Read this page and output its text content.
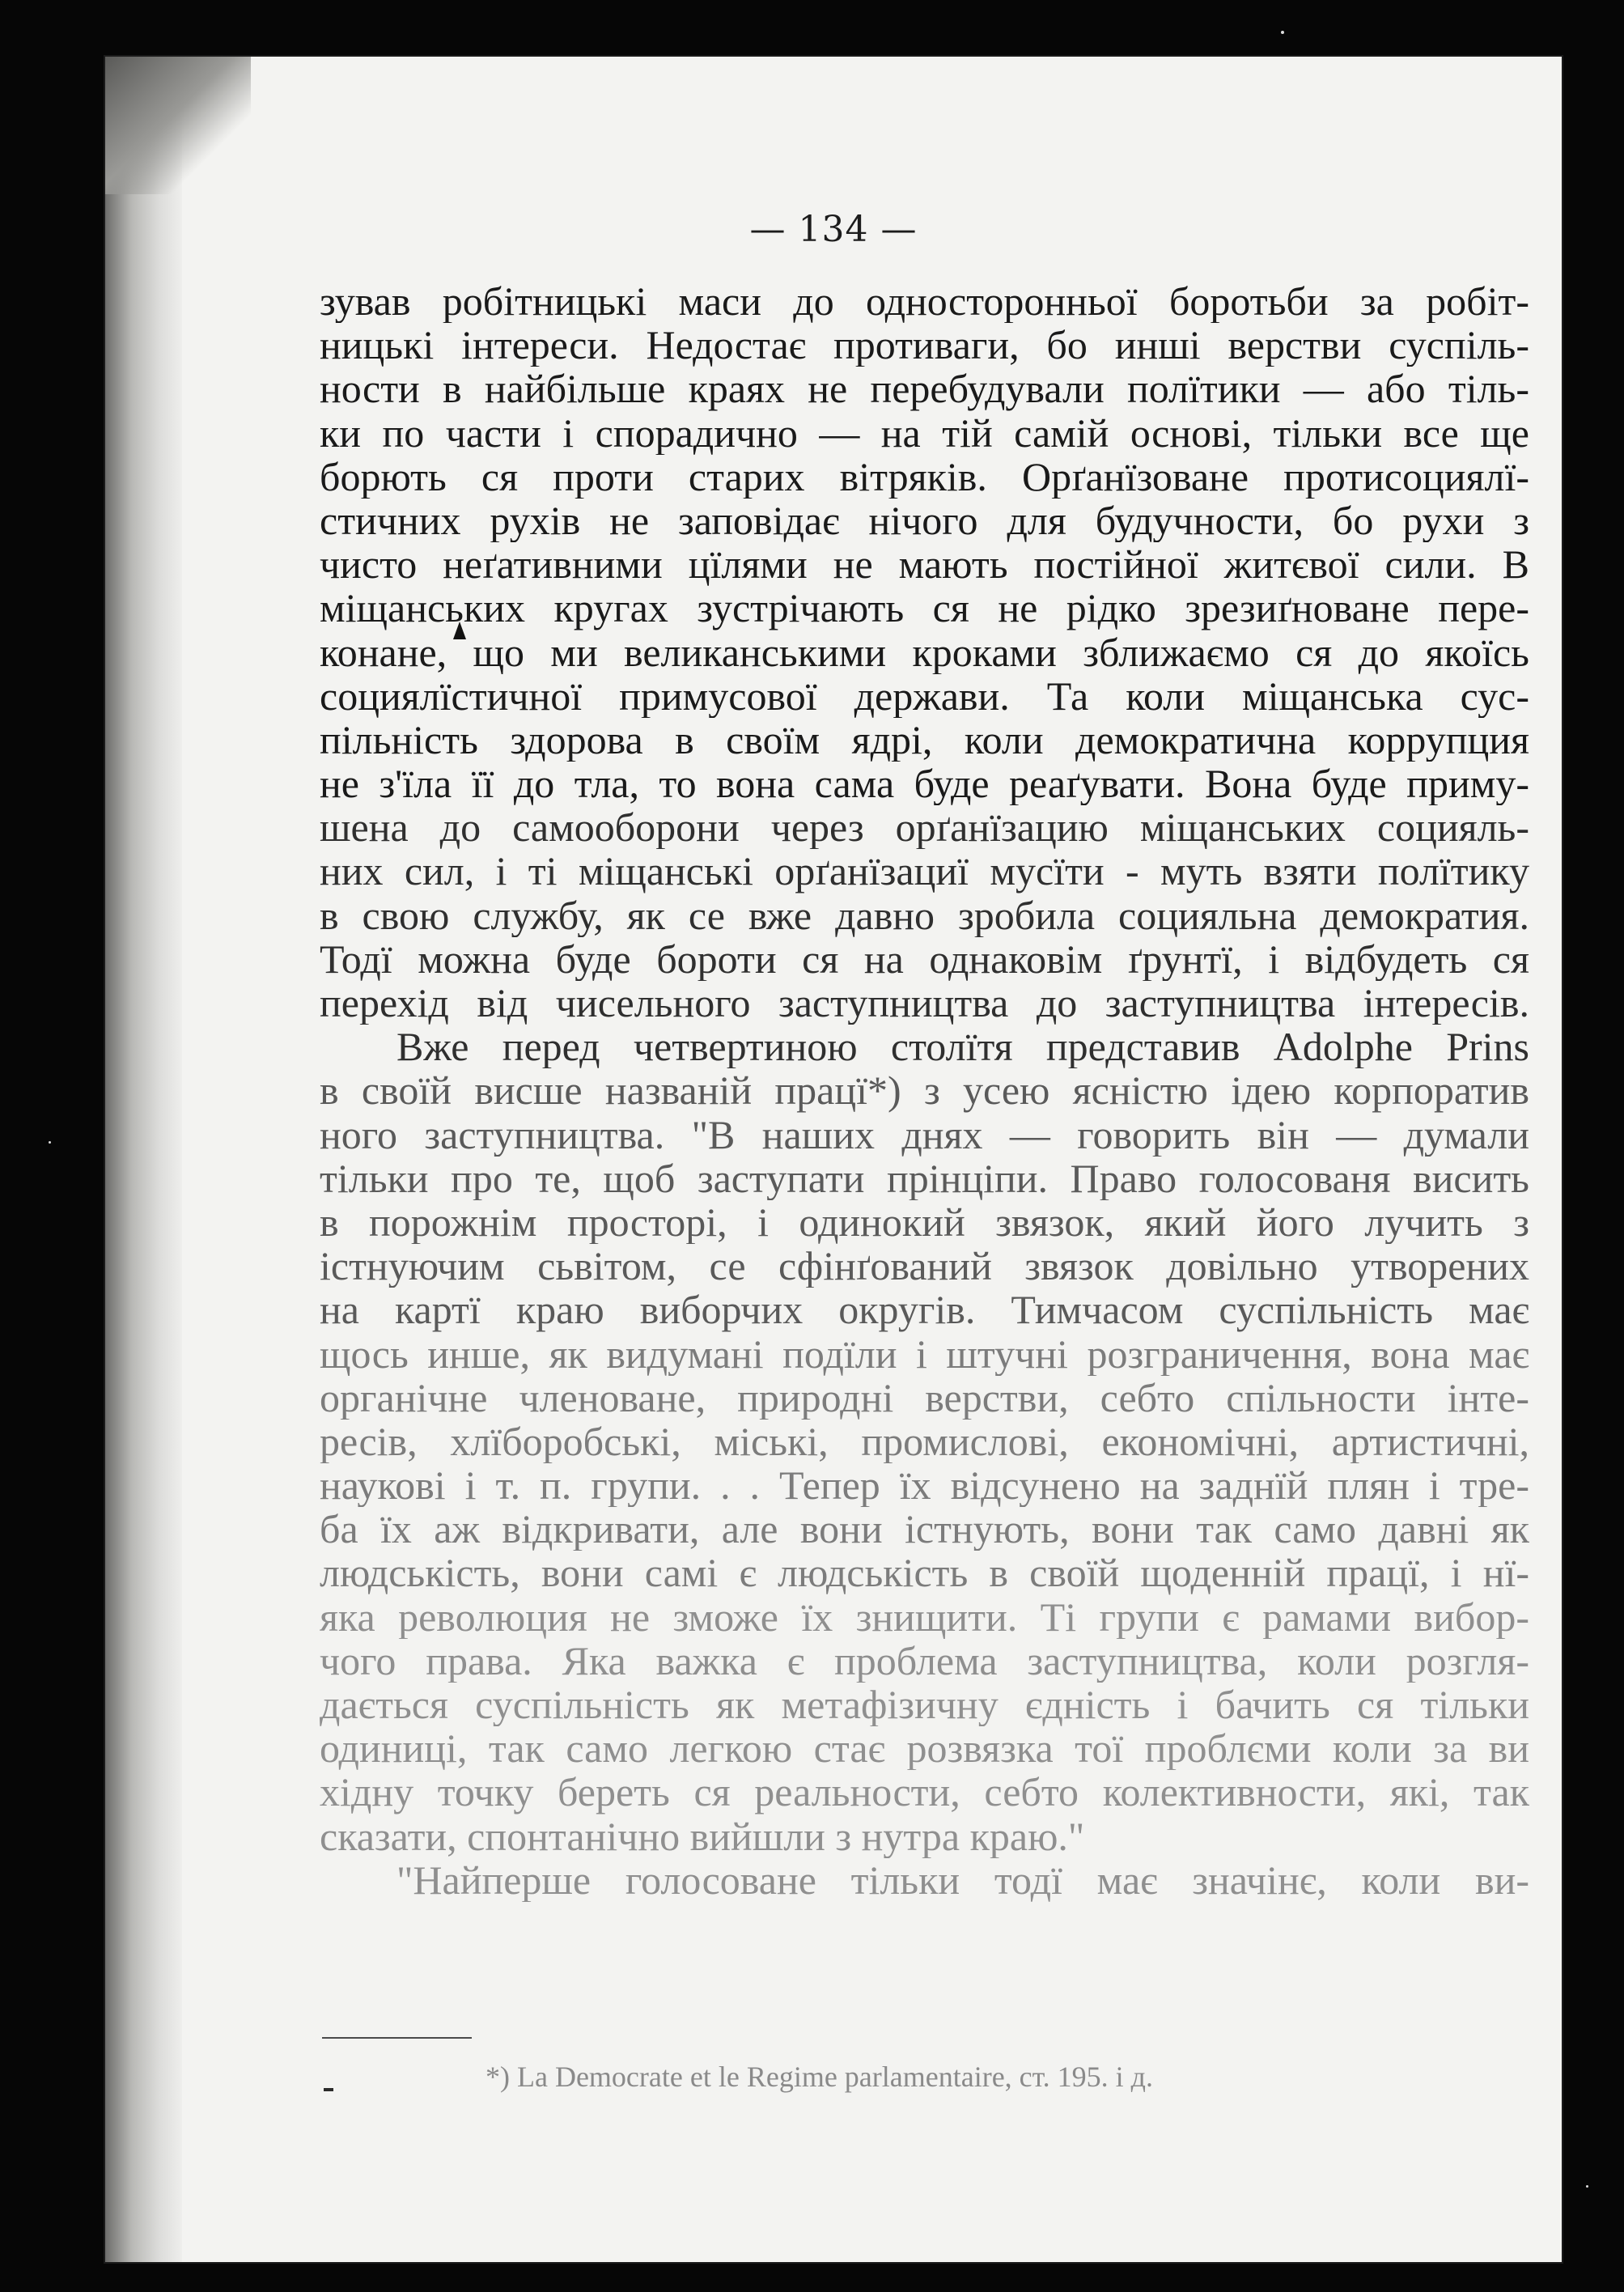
— 134 —
*) La Democrate et le Regime parlamentaire, ст. 195. і д.
зував робітницькі маси до односторонньої боротьби за робіт-
ницькі інтереси. Недостає противаги, бо инші верстви суспіль-
ности в найбільше краях не перебудували полїтики — або тіль-
ки по части і спорадично — на тій самій основі, тільки все ще
борють ся проти старих вітряків. Орґанїзоване протисоциялї-
стичних рухів не заповідає нічого для будучности, бо рухи з
чисто неґативними цїлями не мають постійної житєвої сили. В
міщанських кругах зустрічають ся не рідко зрезиґноване пере-
конане, що ми великанськими кроками зближаємо ся до якоїсь
социялїстичної примусової держави. Та коли міщанська сус-
пільність здорова в своїм ядрі, коли демократична коррупция
не з'їла її до тла, то вона сама буде реаґувати. Вона буде приму-
шена до самооборони через орґанїзацию міщанських социяль-
них сил, і ті міщанські орґанїзациї мусїти - муть взяти полїтику
в свою службу, як се вже давно зробила социяльна демократия.
Тодї можна буде бороти ся на однаковім ґрунтї, і відбудеть ся
перехід від чисельного заступництва до заступництва інтересів.
Вже перед четвертиною столїтя представив Adolphe Prins
в своїй висше названій працї*) з усею ясністю ідею корпоратив
ного заступництва. "В наших днях — говорить він — думали
тільки про те, щоб заступати прінціпи. Право голосованя висить
в порожнім просторі, і одинокий звязок, який його лучить з
істнуючим сьвітом, се сфінґований звязок довільно утворених
на картї краю виборчих округів. Тимчасом суспільність має
щось инше, як видумані подїли і штучні розграничення, вона має
органічне членоване, природні верстви, себто спільности інте-
ресів, хлїборобські, міські, промислові, економічні, артистичні,
наукові і т. п. групи. . . Тепер їх відсунено на заднїй плян і тре-
ба їх аж відкривати, але вони істнують, вони так само давні як
людськість, вони самі є людськість в своїй щоденній працї, і нї-
яка революция не зможе їх знищити. Ті групи є рамами вибор-
чого права. Яка важка є проблема заступництва, коли розгля-
дається суспільність як метафізичну єдність і бачить ся тільки
одиниці, так само легкою стає розвязка тої проблєми коли за ви
хідну точку береть ся реальности, себто колективности, які, так
сказати, спонтанічно вийшли з нутра краю."
"Найперше голосоване тільки тодї має значінє, коли ви-
